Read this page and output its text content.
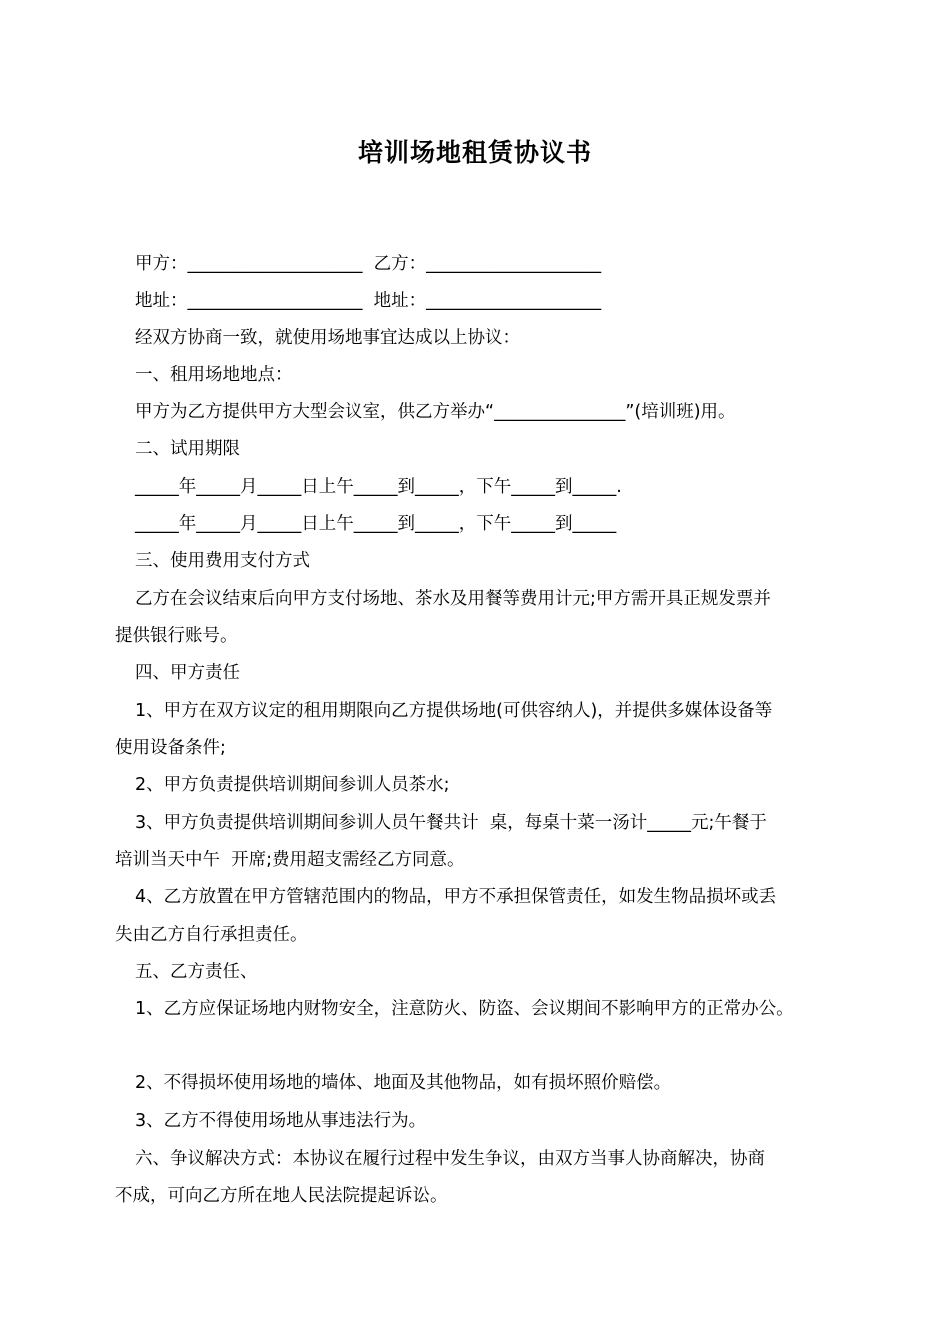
培训场地租赁协议书
甲方：____________________  乙方：____________________
地址：____________________  地址：____________________
经双方协商一致，就使用场地事宜达成以上协议：
一、租用场地地点：
甲方为乙方提供甲方大型会议室，供乙方举办“_______________”(培训班)用。
二、试用期限
_____年_____月_____日上午_____到_____，下午_____到_____.
_____年_____月_____日上午_____到_____，下午_____到_____
三、使用费用支付方式
乙方在会议结束后向甲方支付场地、茶水及用餐等费用计元;甲方需开具正规发票并
提供银行账号。
四、甲方责任
1、甲方在双方议定的租用期限向乙方提供场地(可供容纳人)，并提供多媒体设备等
使用设备条件;
2、甲方负责提供培训期间参训人员茶水;
3、甲方负责提供培训期间参训人员午餐共计  桌，每桌十菜一汤计_____元;午餐于
培训当天中午  开席;费用超支需经乙方同意。
4、乙方放置在甲方管辖范围内的物品，甲方不承担保管责任，如发生物品损坏或丢
失由乙方自行承担责任。
五、乙方责任、
1、乙方应保证场地内财物安全，注意防火、防盗、会议期间不影响甲方的正常办公。
2、不得损坏使用场地的墙体、地面及其他物品，如有损坏照价赔偿。
3、乙方不得使用场地从事违法行为。
六、争议解决方式：本协议在履行过程中发生争议，由双方当事人协商解决，协商
不成，可向乙方所在地人民法院提起诉讼。
